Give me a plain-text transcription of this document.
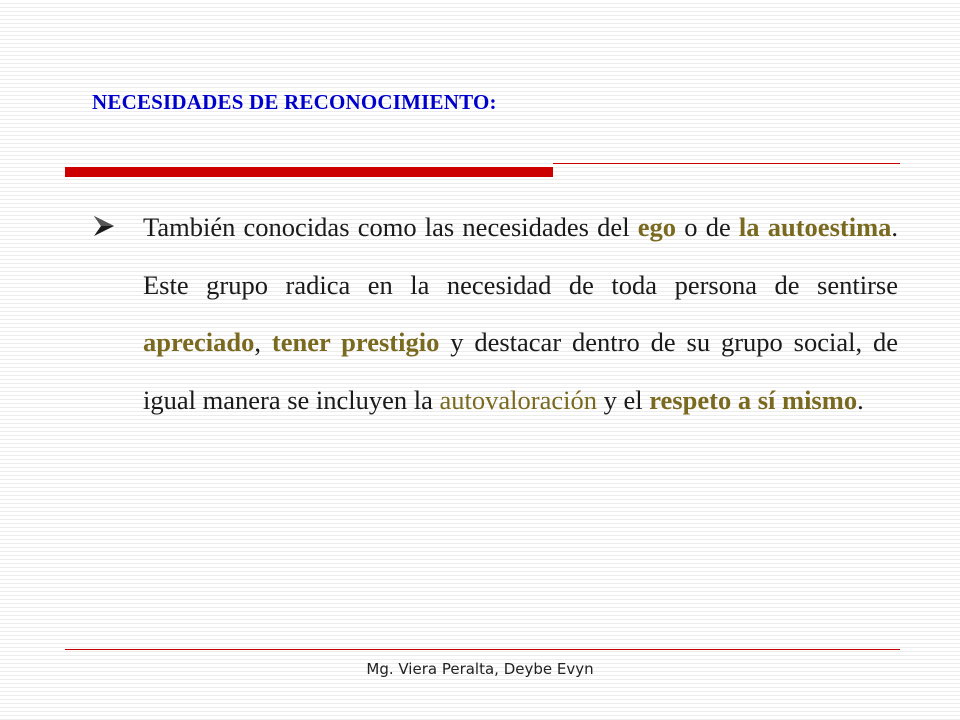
NECESIDADES DE RECONOCIMIENTO:

También conocidas como las necesidades del ego o de la autoestima. Este grupo radica en la necesidad de toda persona de sentirse apreciado, tener prestigio y destacar dentro de su grupo social, de igual manera se incluyen la autovaloración y el respeto a sí mismo.

Mg. Viera Peralta, Deybe Evyn
